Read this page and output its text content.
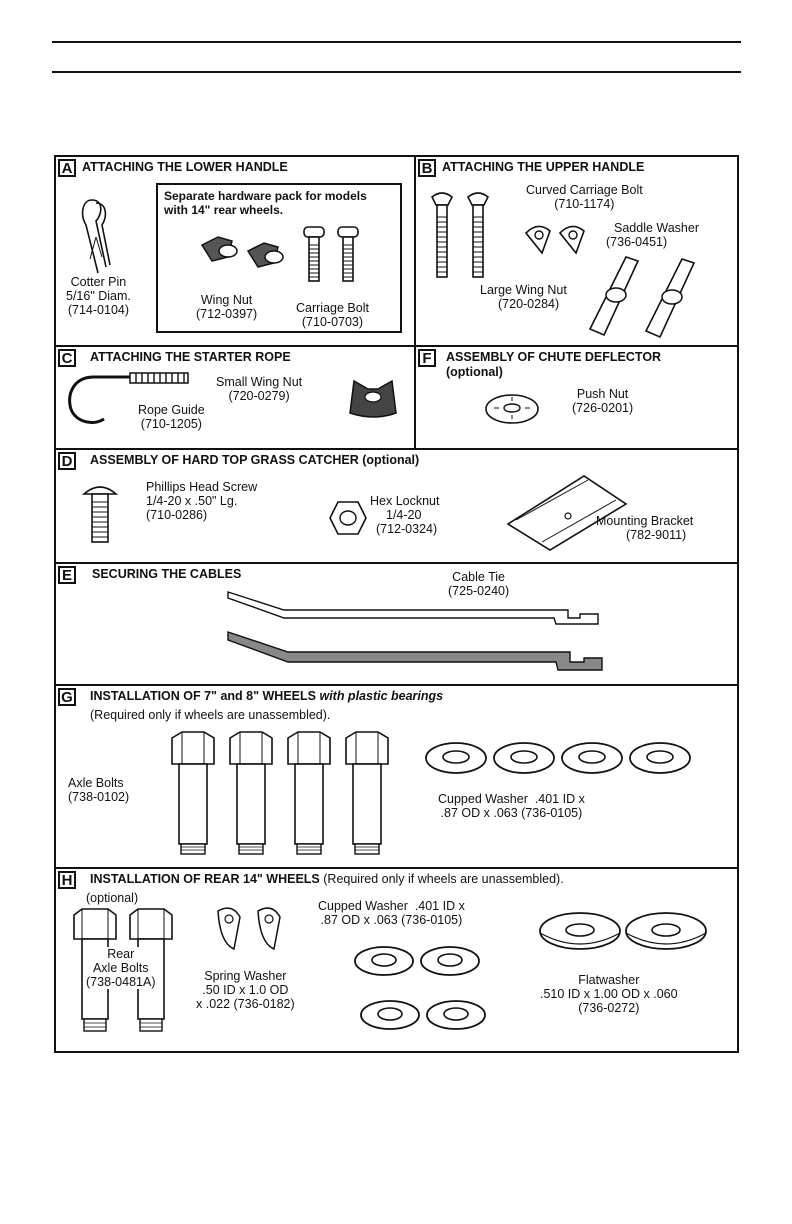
A ATTACHING THE LOWER HANDLE
Cotter Pin
5/16" Diam.
(714-0104)
Separate hardware pack for models
with 14" rear wheels.
Wing Nut
(712-0397)	Carriage Bolt
(710-0703)
B ATTACHING THE UPPER HANDLE
Curved Carriage Bolt
(710-1174)
Saddle Washer
(736-0451)
Large Wing Nut
(720-0284)
C ATTACHING THE STARTER ROPE
Small Wing Nut
(720-0279)
Rope Guide
(710-1205)
F	ASSEMBLY OF CHUTE DEFLECTOR
(optional)
Push Nut
(726-0201)
D ASSEMBLY OF HARD TOP GRASS CATCHER (optional)
Phillips Head Screw
1/4-20 x .50" Lg.
(710-0286)
Hex Locknut
1/4-20
(712-0324)
Mounting Bracket
(782-9011)
E	SECURING THE CABLES	Cable Tie
(725-0240)
G INSTALLATION OF 7" and 8" WHEELS with plastic bearings
(Required only if wheels are unassembled).
Axle Bolts
(738-0102)	Cupped Washer  .401 ID x
.87 OD x .063 (736-0105)
H INSTALLATION OF REAR 14" WHEELS (Required only if wheels are unassembled).
(optional)
Rear
Axle Bolts
(738-0481A)	Spring Washer
.50 ID x 1.0 OD
x .022 (736-0182)
Cupped Washer  .401 ID x
.87 OD x .063 (736-0105)
Flatwasher
.510 ID x 1.00 OD x .060
(736-0272)
